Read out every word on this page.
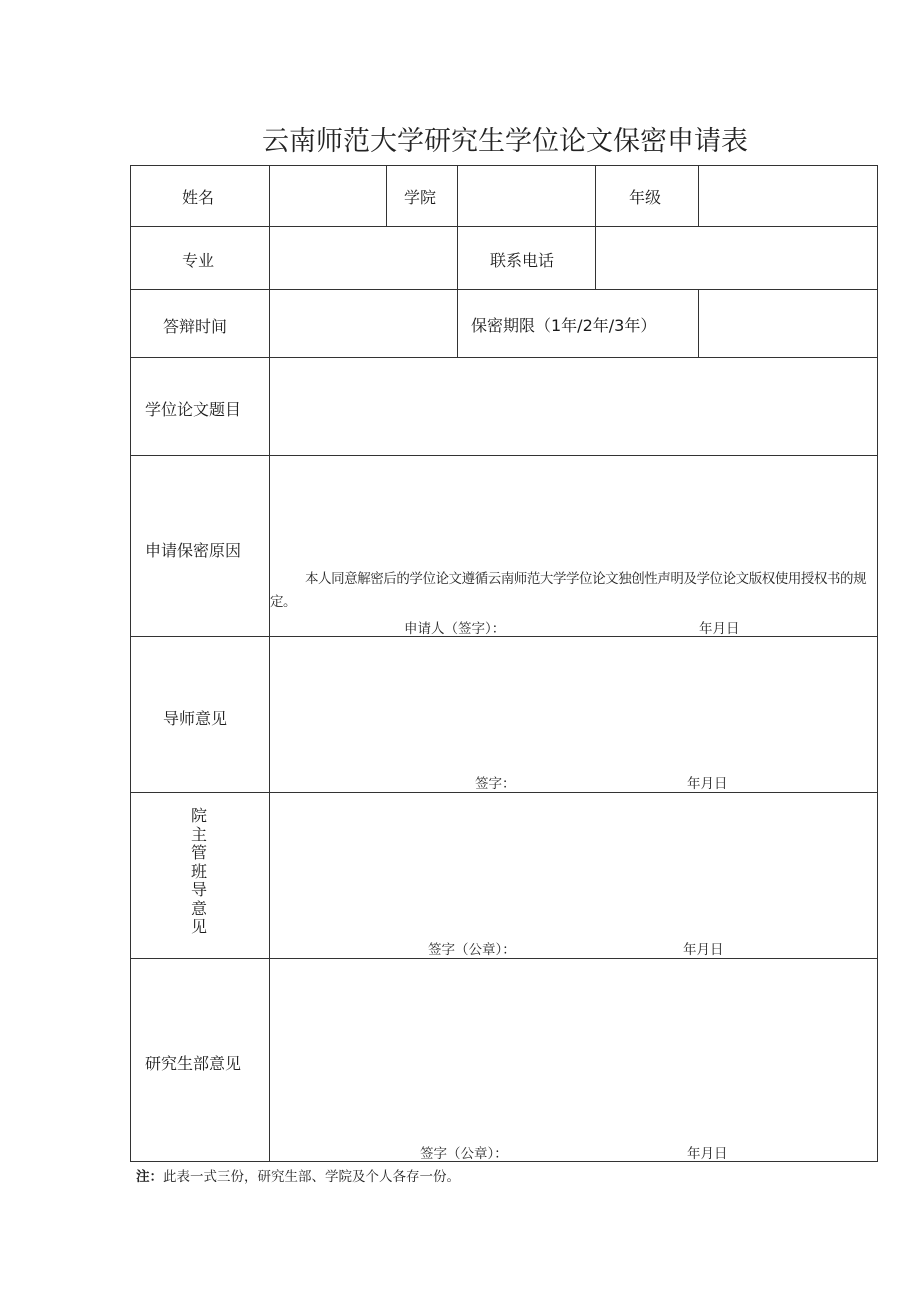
云南师范大学研究生学位论文保密申请表
姓名	学院	年级
专业	联系电话
答辩时间	保密期限（1年/2年/3年）
学位论文题目
申请保密原因
本人同意解密后的学位论文遵循云南师范大学学位论文独创性声明及学位论文版权使用授权书的规定。
申请人（签字）：	年月日
导师意见
签字：	年月日
院
主
管
班
导
意
见
签字（公章）：	年月日
研究生部意见
签字（公章）：	年月日
注：此表一式三份，研究生部、学院及个人各存一份。
